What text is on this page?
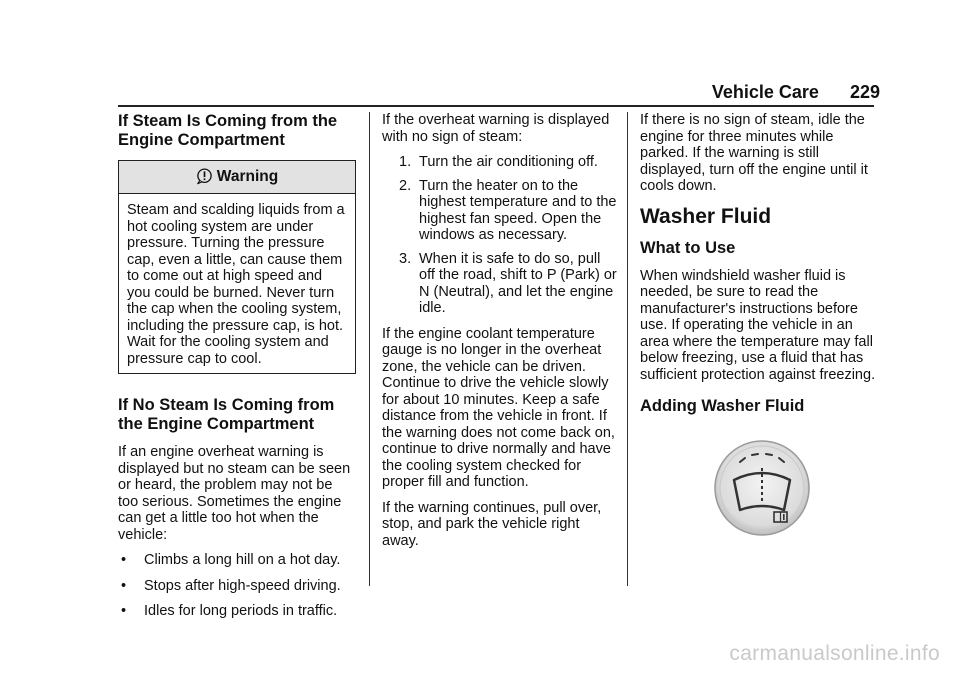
Vehicle Care 229
If Steam Is Coming from the Engine Compartment
Warning
Steam and scalding liquids from a hot cooling system are under pressure. Turning the pressure cap, even a little, can cause them to come out at high speed and you could be burned. Never turn the cap when the cooling system, including the pressure cap, is hot. Wait for the cooling system and pressure cap to cool.
If No Steam Is Coming from the Engine Compartment

If an engine overheat warning is displayed but no steam can be seen or heard, the problem may not be too serious. Sometimes the engine can get a little too hot when the vehicle:

• Climbs a long hill on a hot day.
• Stops after high-speed driving.
• Idles for long periods in traffic.

If the overheat warning is displayed with no sign of steam:

1. Turn the air conditioning off.
2. Turn the heater on to the highest temperature and to the highest fan speed. Open the windows as necessary.
3. When it is safe to do so, pull off the road, shift to P (Park) or N (Neutral), and let the engine idle.

If the engine coolant temperature gauge is no longer in the overheat zone, the vehicle can be driven. Continue to drive the vehicle slowly for about 10 minutes. Keep a safe distance from the vehicle in front. If the warning does not come back on, continue to drive normally and have the cooling system checked for proper fill and function.

If the warning continues, pull over, stop, and park the vehicle right away.

If there is no sign of steam, idle the engine for three minutes while parked. If the warning is still displayed, turn off the engine until it cools down.

Washer Fluid
What to Use

When windshield washer fluid is needed, be sure to read the manufacturer's instructions before use. If operating the vehicle in an area where the temperature may fall below freezing, use a fluid that has sufficient protection against freezing.

Adding Washer Fluid
carmanualsonline.info
